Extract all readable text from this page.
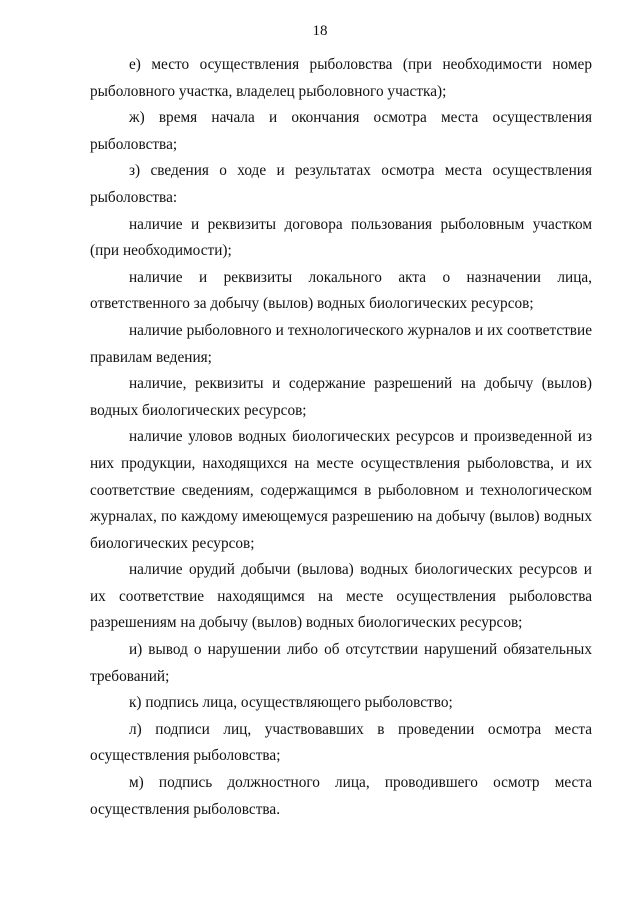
18

е) место осуществления рыболовства (при необходимости номер рыболовного участка, владелец рыболовного участка);

ж) время начала и окончания осмотра места осуществления рыболовства;

з) сведения о ходе и результатах осмотра места осуществления рыболовства:

наличие и реквизиты договора пользования рыболовным участком (при необходимости);

наличие и реквизиты локального акта о назначении лица, ответственного за добычу (вылов) водных биологических ресурсов;

наличие рыболовного и технологического журналов и их соответствие правилам ведения;

наличие, реквизиты и содержание разрешений на добычу (вылов) водных биологических ресурсов;

наличие уловов водных биологических ресурсов и произведенной из них продукции, находящихся на месте осуществления рыболовства, и их соответствие сведениям, содержащимся в рыболовном и технологическом журналах, по каждому имеющемуся разрешению на добычу (вылов) водных биологических ресурсов;

наличие орудий добычи (вылова) водных биологических ресурсов и их соответствие находящимся на месте осуществления рыболовства разрешениям на добычу (вылов) водных биологических ресурсов;

и) вывод о нарушении либо об отсутствии нарушений обязательных требований;

к) подпись лица, осуществляющего рыболовство;

л) подписи лиц, участвовавших в проведении осмотра места осуществления рыболовства;

м) подпись должностного лица, проводившего осмотр места осуществления рыболовства.
